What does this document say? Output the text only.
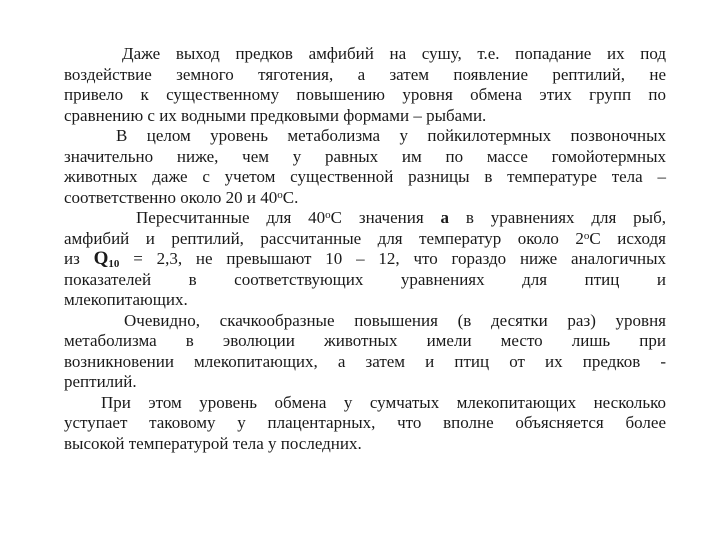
Даже выход предков амфибий на сушу, т.е. попадание их под
воздействие земного тяготения, а затем появление рептилий, не
привело к существенному повышению уровня обмена этих групп по
сравнению с их водными предковыми формами – рыбами.

В целом уровень метаболизма у пойкилотермных позвоночных
значительно ниже, чем у равных им по массе гомойотермных
животных даже с учетом существенной разницы в температуре тела –
соответственно около 20 и 40$^o$С.

Пересчитанные для 40$^o$С значения а в уравнениях для рыб,
амфибий и рептилий, рассчитанные для температур около 2$^o$С исходя
из $Q_{10} = 2,3$, не превышают 10 – 12, что гораздо ниже аналогичных
показателей в соответствующих уравнениях для птиц и
млекопитающих.

Очевидно, скачкообразные повышения (в десятки раз) уровня
метаболизма в эволюции животных имели место лишь при
возникновении млекопитающих, а затем и птиц от их предков -
рептилий.

При этом уровень обмена у сумчатых млекопитающих несколько
уступает таковому у плацентарных, что вполне объясняется более
высокой температурой тела у последних.
